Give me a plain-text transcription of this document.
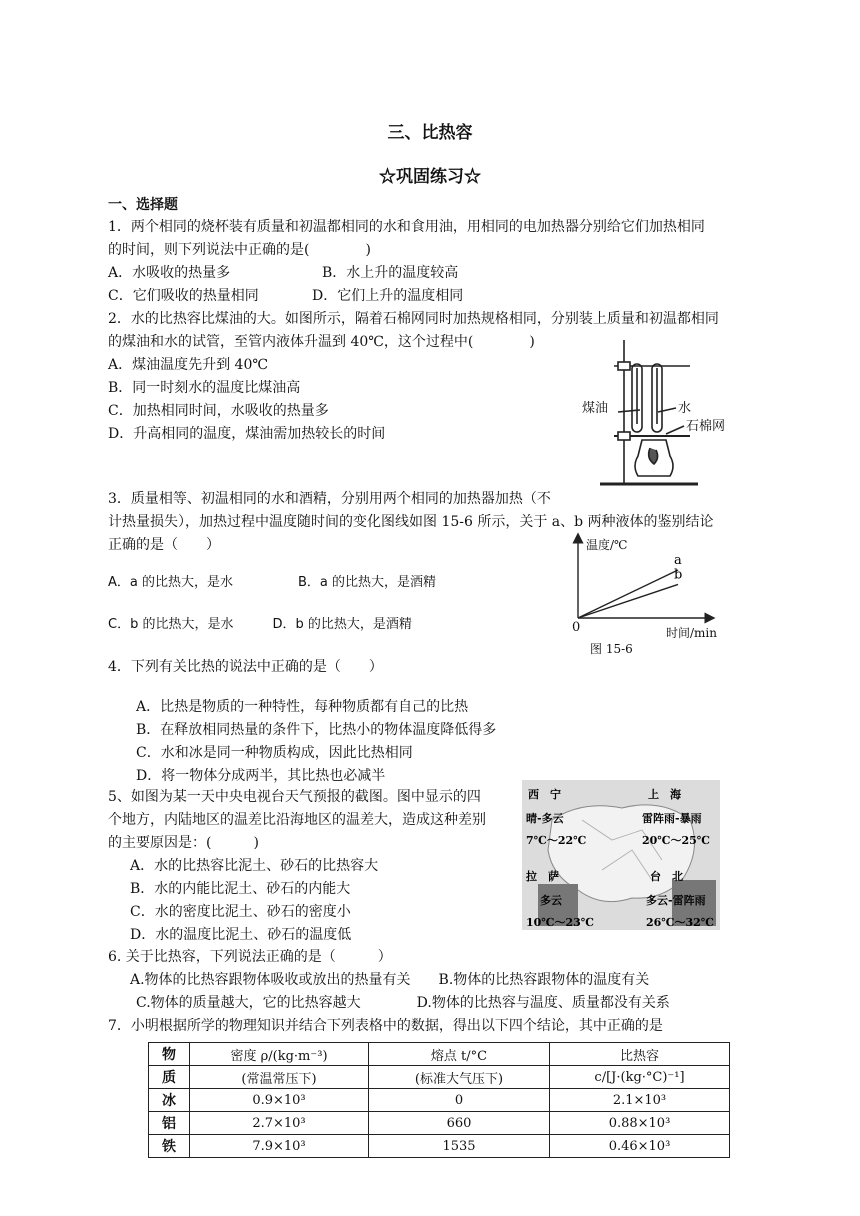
三、比热容
☆巩固练习☆
一、选择题
1．两个相同的烧杯装有质量和初温都相同的水和食用油，用相同的电加热器分别给它们加热相同
的时间，则下列说法中正确的是(　　　　)
A．水吸收的热量多	B．水上升的温度较高
C．它们吸收的热量相同	D．它们上升的温度相同
2．水的比热容比煤油的大。如图所示，隔着石棉网同时加热规格相同，分别装上质量和初温都相同
的煤油和水的试管，至管内液体升温到 40℃，这个过程中(　　　　)
A．煤油温度先升到 40℃
B．同一时刻水的温度比煤油高
C．加热相同时间，水吸收的热量多
D．升高相同的温度，煤油需加热较长的时间
煤油	水
石棉网
3．质量相等、初温相同的水和酒精，分别用两个相同的加热器加热（不
计热量损失），加热过程中温度随时间的变化图线如图 15-6 所示，关于 a、b 两种液体的鉴别结论
正确的是（　　）
A．a 的比热大，是水　　　　　B．a 的比热大，是酒精
C．b 的比热大，是水　　　D．b 的比热大，是酒精
a
b
温度/℃
0	时间/min
图 15-6
4．下列有关比热的说法中正确的是（　　）
A．比热是物质的一种特性，每种物质都有自己的比热
B．在释放相同热量的条件下，比热小的物体温度降低得多
C．水和冰是同一种物质构成，因此比热相同
D．将一物体分成两半，其比热也必减半
5、如图为某一天中央电视台天气预报的截图。图中显示的四
个地方，内陆地区的温差比沿海地区的温差大，造成这种差别
的主要原因是：(　　　)
A．水的比热容比泥土、砂石的比热容大
B．水的内能比泥土、砂石的内能大
C．水的密度比泥土、砂石的密度小
D．水的温度比泥土、砂石的温度低
西　宁
晴-多云
7℃～22℃
上　海
雷阵雨-暴雨
20℃～25℃
拉　萨
多云
10℃～23℃
台　北
多云-雷阵雨
26℃～32℃
6. 关于比热容，下列说法正确的是（　　　）
A.物体的比热容跟物体吸收或放出的热量有关　　B.物体的比热容跟物体的温度有关
C.物体的质量越大，它的比热容越大　　　　D.物体的比热容与温度、质量都没有关系
7．小明根据所学的物理知识并结合下列表格中的数据，得出以下四个结论，其中正确的是
物	密度 ρ/(kg·m⁻³)	熔点 t/°C	比热容
质	(常温常压下)	(标准大气压下)	c/[J·(kg·°C)⁻¹]
冰	0.9×10³	0	2.1×10³
铝	2.7×10³	660	0.88×10³
铁	7.9×10³	1535	0.46×10³
